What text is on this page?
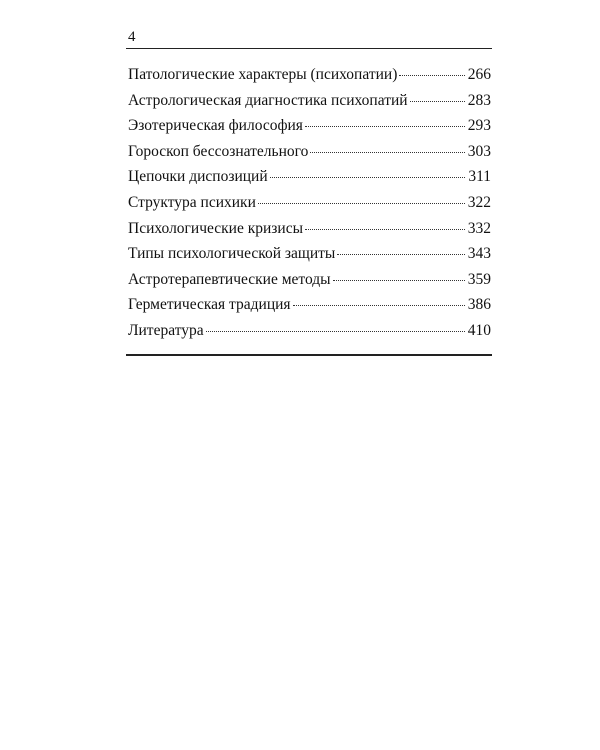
4
Патологические характеры (психопатии)	266
Астрологическая диагностика психопатий	283
Эзотерическая философия	293
Гороскоп бессознательного	303
Цепочки диспозиций	311
Структура психики	322
Психологические кризисы	332
Типы психологической защиты	343
Астротерапевтические методы	359
Герметическая традиция	386
Литература	410
